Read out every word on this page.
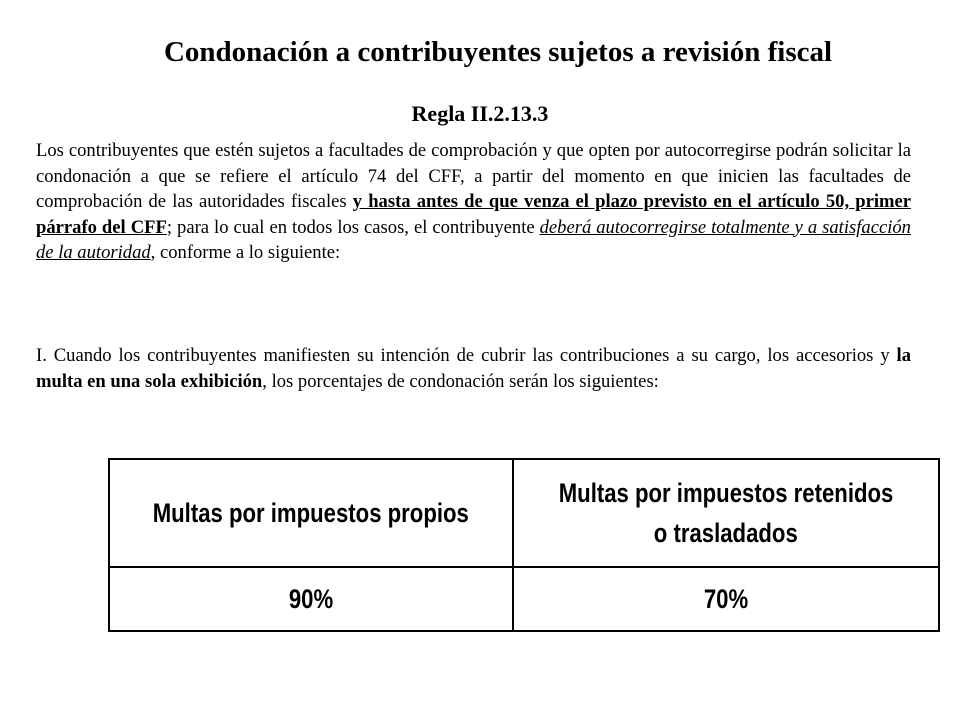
Condonación a contribuyentes sujetos a revisión fiscal
Regla II.2.13.3
Los contribuyentes que estén sujetos a facultades de comprobación y que opten por autocorregirse podrán solicitar la condonación a que se refiere el artículo 74 del CFF, a partir del momento en que inicien las facultades de comprobación de las autoridades fiscales y hasta antes de que venza el plazo previsto en el artículo 50, primer párrafo del CFF; para lo cual en todos los casos, el contribuyente deberá autocorregirse totalmente y a satisfacción de la autoridad, conforme a lo siguiente:
I. Cuando los contribuyentes manifiesten su intención de cubrir las contribuciones a su cargo, los accesorios y la multa en una sola exhibición, los porcentajes de condonación serán los siguientes:
Multas por impuestos propios	Multas por impuestos retenidos
o trasladados
90%	70%
